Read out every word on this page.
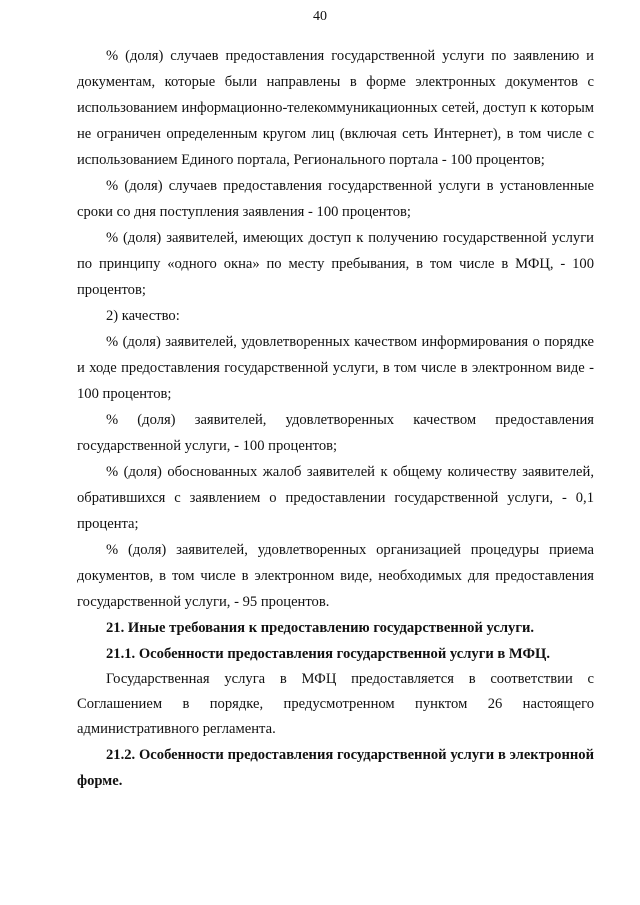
40

% (доля) случаев предоставления государственной услуги по заявлению и документам, которые были направлены в форме электронных документов с использованием информационно-телекоммуникационных сетей, доступ к которым не ограничен определенным кругом лиц (включая сеть Интернет), в том числе с использованием Единого портала, Регионального портала - 100 процентов;

% (доля) случаев предоставления государственной услуги в установленные сроки со дня поступления заявления - 100 процентов;

% (доля) заявителей, имеющих доступ к получению государственной услуги по принципу «одного окна» по месту пребывания, в том числе в МФЦ, - 100 процентов;

2) качество:

% (доля) заявителей, удовлетворенных качеством информирования о порядке и ходе предоставления государственной услуги, в том числе в электронном виде - 100 процентов;

% (доля) заявителей, удовлетворенных качеством предоставления государственной услуги, - 100 процентов;

% (доля) обоснованных жалоб заявителей к общему количеству заявителей, обратившихся с заявлением о предоставлении государственной услуги, - 0,1 процента;

% (доля) заявителей, удовлетворенных организацией процедуры приема документов, в том числе в электронном виде, необходимых для предоставления государственной услуги, - 95 процентов.

21. Иные требования к предоставлению государственной услуги.

21.1. Особенности предоставления государственной услуги в МФЦ.

Государственная услуга в МФЦ предоставляется в соответствии с Соглашением в порядке, предусмотренном пунктом 26 настоящего административного регламента.

21.2. Особенности предоставления государственной услуги в электронной форме.
